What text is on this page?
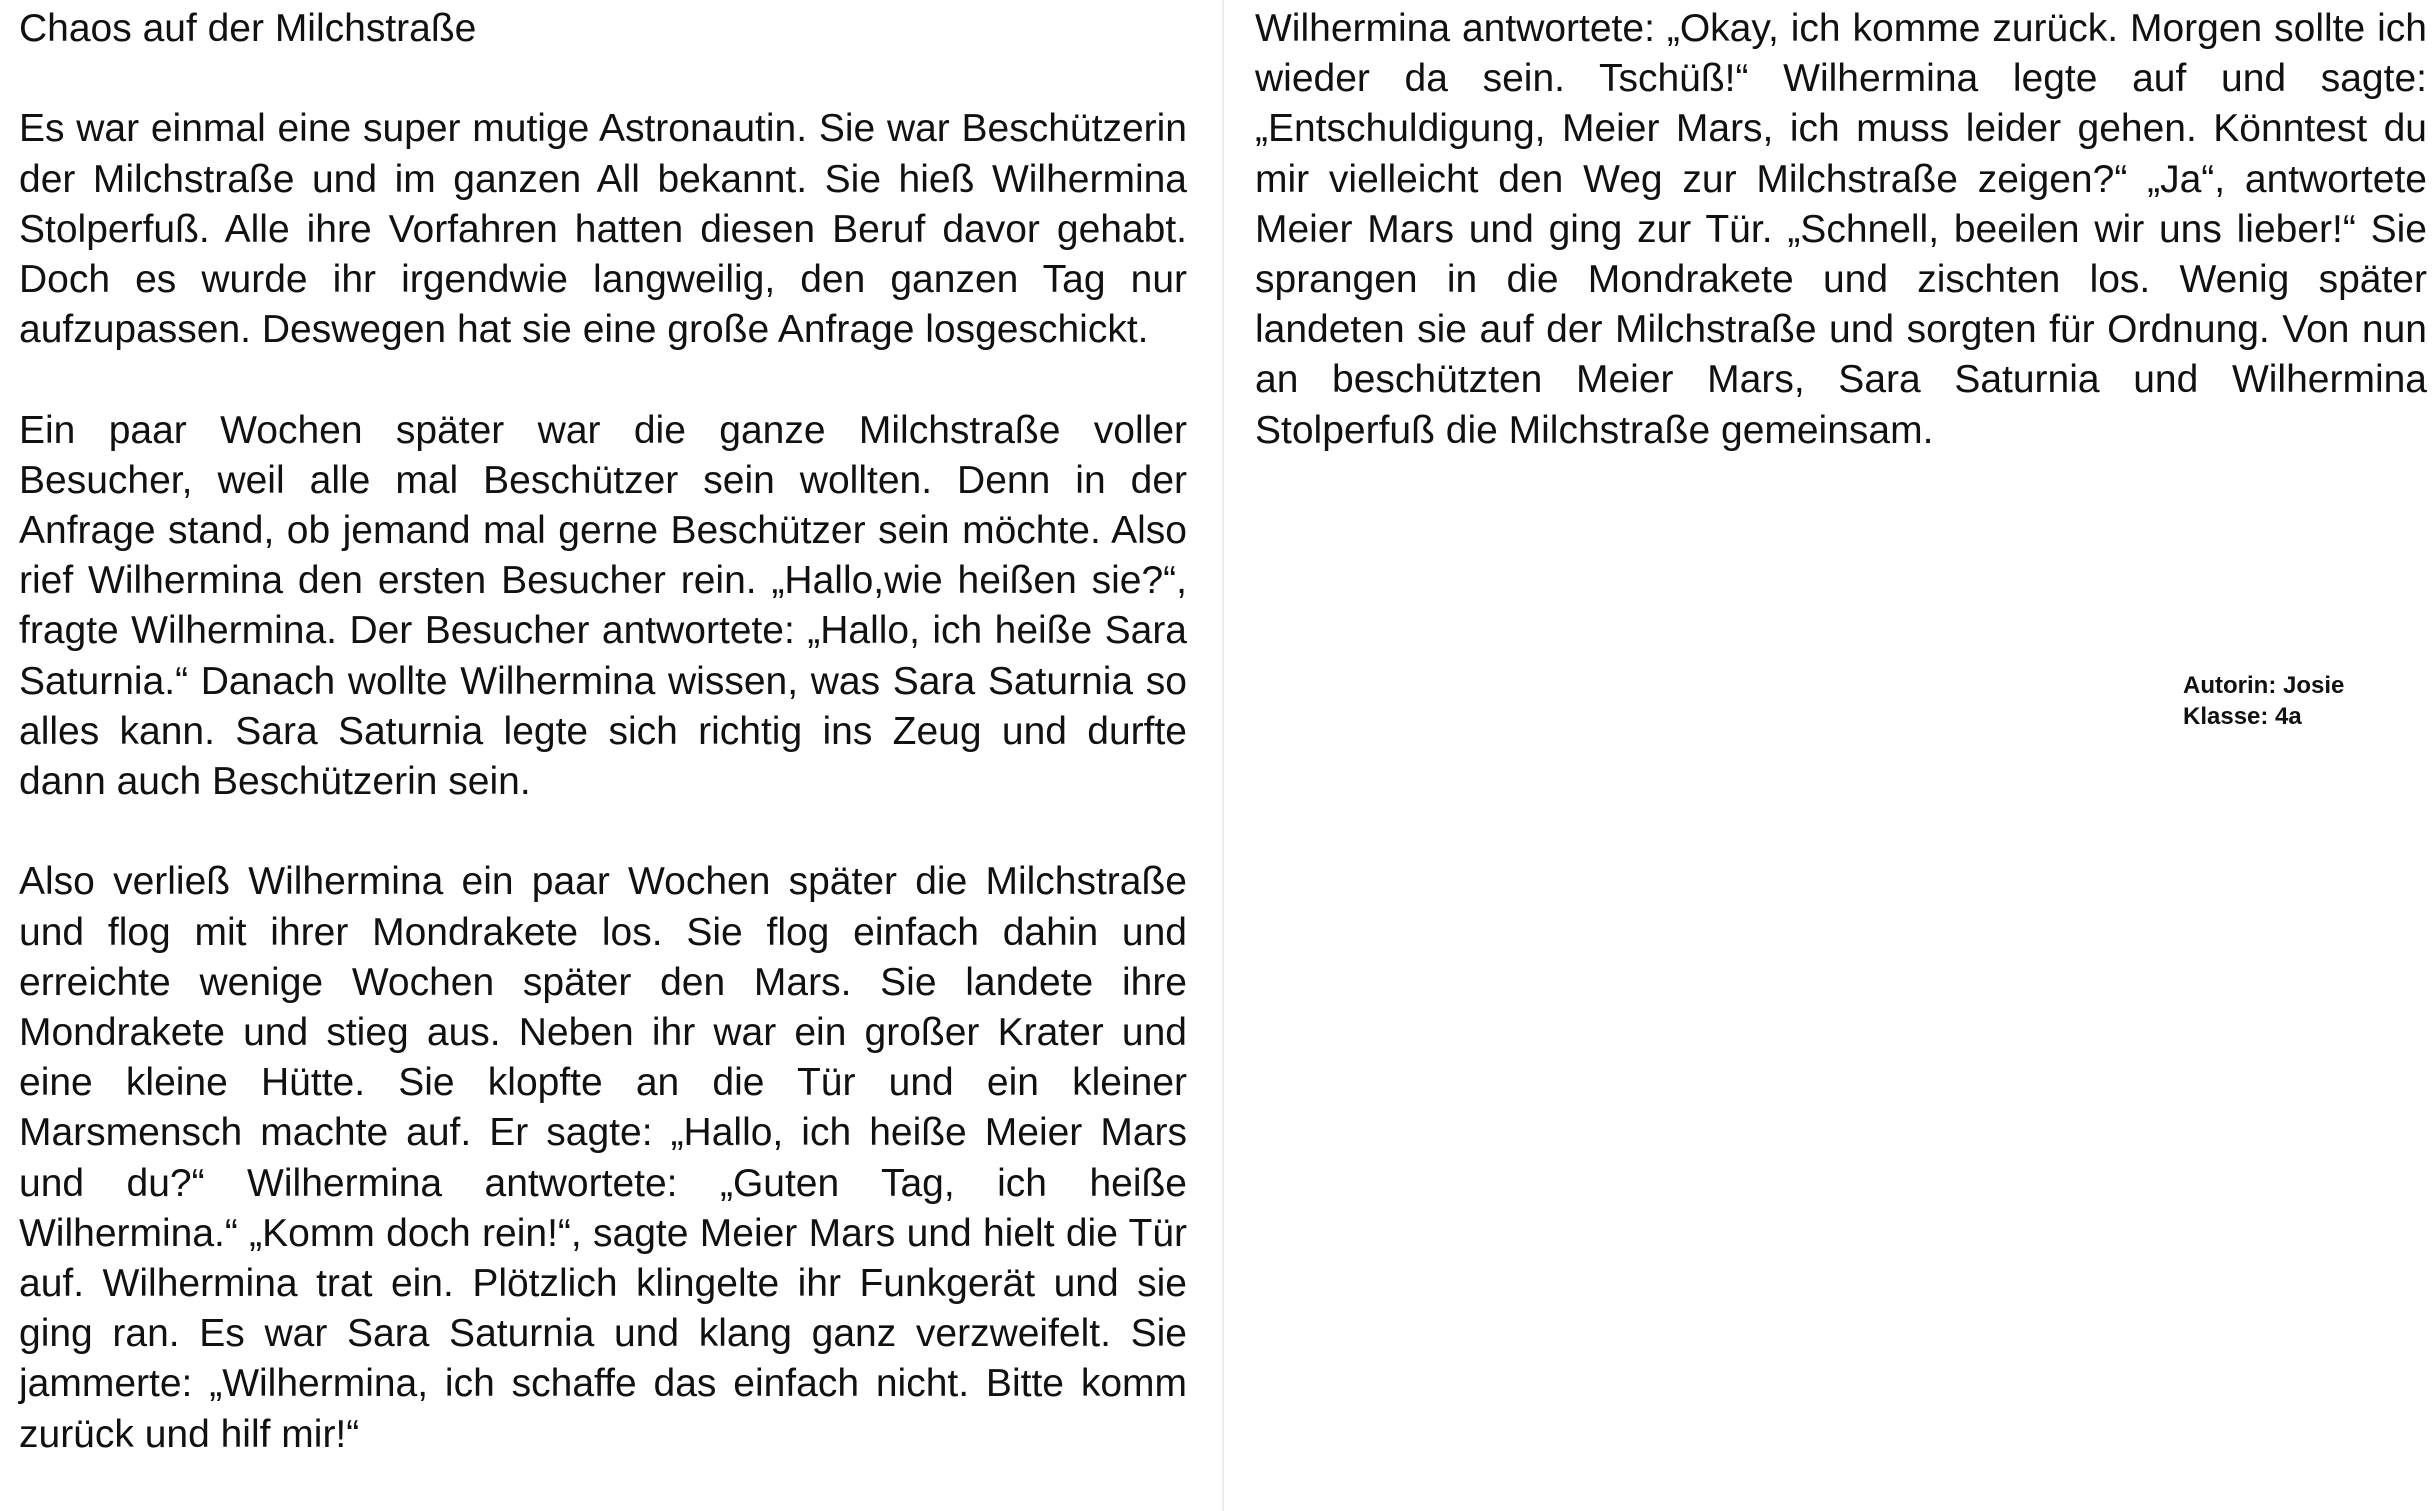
Chaos auf der Milchstraße

Es war einmal eine super mutige Astronautin. Sie war Beschützerin der Milchstraße und im ganzen All bekannt. Sie hieß Wilhermina Stolperfuß. Alle ihre Vorfahren hatten diesen Beruf davor gehabt. Doch es wurde ihr irgendwie langweilig, den ganzen Tag nur aufzupassen. Deswegen hat sie eine große Anfrage losgeschickt.

Ein paar Wochen später war die ganze Milchstraße voller Besucher, weil alle mal Beschützer sein wollten. Denn in der Anfrage stand, ob jemand mal gerne Beschützer sein möchte. Also rief Wilhermina den ersten Besucher rein. „Hallo,wie heißen sie?“, fragte Wilhermina. Der Besucher antwortete: „Hallo, ich heiße Sara Saturnia.“ Danach wollte Wilhermina wissen, was Sara Saturnia so alles kann. Sara Saturnia legte sich richtig ins Zeug und durfte dann auch Beschützerin sein.

Also verließ Wilhermina ein paar Wochen später die Milchstraße und flog mit ihrer Mondrakete los. Sie flog einfach dahin und erreichte wenige Wochen später den Mars. Sie landete ihre Mondrakete und stieg aus. Neben ihr war ein großer Krater und eine kleine Hütte. Sie klopfte an die Tür und ein kleiner Marsmensch machte auf. Er sagte: „Hallo, ich heiße Meier Mars und du?“ Wilhermina antwortete: „Guten Tag, ich heiße Wilhermina.“ „Komm doch rein!“, sagte Meier Mars und hielt die Tür auf. Wilhermina trat ein. Plötzlich klingelte ihr Funkgerät und sie ging ran. Es war Sara Saturnia und klang ganz verzweifelt. Sie jammerte: „Wilhermina, ich schaffe das einfach nicht. Bitte komm zurück und hilf mir!“

Wilhermina antwortete: „Okay, ich komme zurück. Morgen sollte ich wieder da sein. Tschüß!“ Wilhermina legte auf und sagte: „Entschuldigung, Meier Mars, ich muss leider gehen. Könntest du mir vielleicht den Weg zur Milchstraße zeigen?“ „Ja“, antwortete Meier Mars und ging zur Tür. „Schnell, beeilen wir uns lieber!“ Sie sprangen in die Mondrakete und zischten los. Wenig später landeten sie auf der Milchstraße und sorgten für Ordnung. Von nun an beschützten Meier Mars, Sara Saturnia und Wilhermina Stolperfuß die Milchstraße gemeinsam.

Autorin: Josie
Klasse: 4a
